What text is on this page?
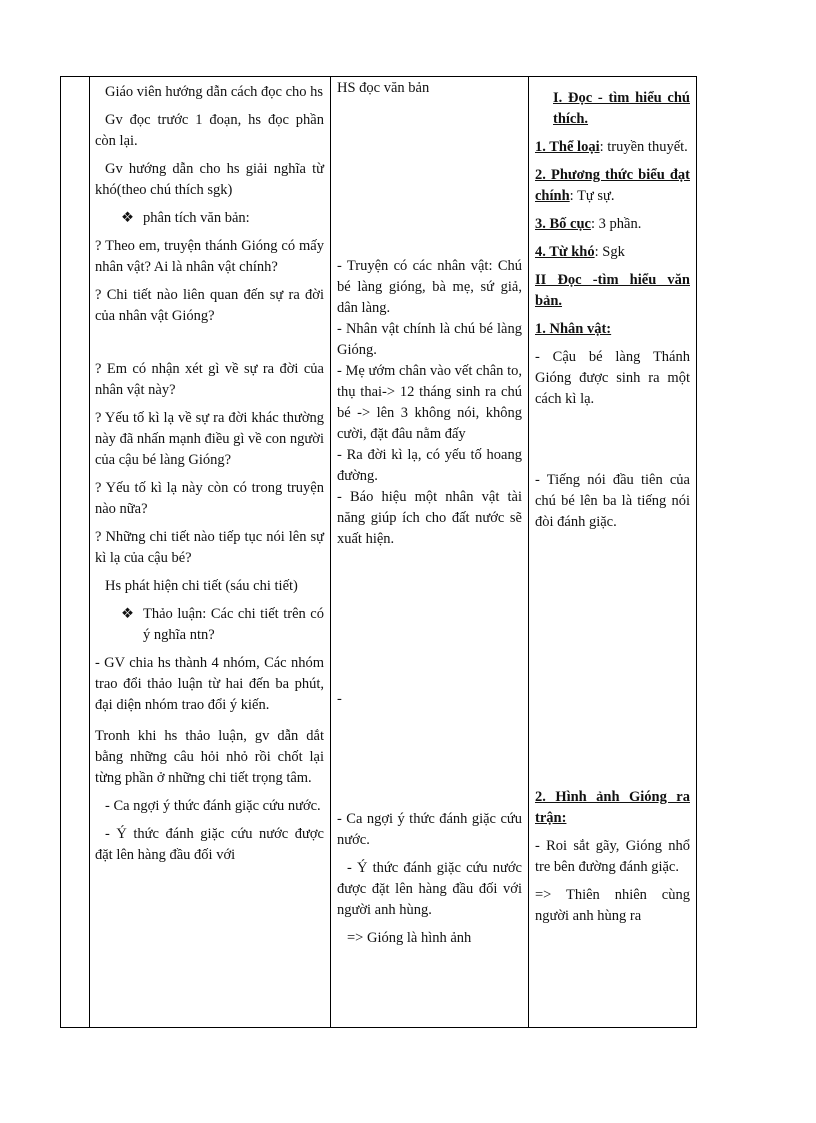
Giáo viên hướng dẫn cách đọc cho hs

Gv đọc trước 1 đoạn, hs đọc phần còn lại.

Gv hướng dẫn cho hs giải nghĩa từ khó(theo chú thích sgk)

❖ phân tích văn bản:

? Theo em, truyện thánh Gióng có mấy nhân vật? Ai là nhân vật chính?

? Chi tiết nào liên quan đến sự ra đời của nhân vật Gióng?

? Em có nhận xét gì về sự ra đời của nhân vật này?

? Yếu tố kì lạ về sự ra đời khác thường này đã nhấn mạnh điều gì về con người của cậu bé làng Gióng?

? Yếu tố kì lạ này còn có trong truyện nào nữa?

? Những chi tiết nào tiếp tục nói lên sự kì lạ của cậu bé?

Hs phát hiện chi tiết (sáu chi tiết)

❖ Thảo luận: Các chi tiết trên có ý nghĩa ntn?

- GV chia hs thành 4 nhóm, Các nhóm trao đổi thảo luận từ hai đến ba phút, đại diện nhóm trao đổi ý kiến.

Tronh khi hs thảo luận, gv dẫn dắt bằng những câu hỏi nhỏ rồi chốt lại từng phần ở những chi tiết trọng tâm.

- Ca ngợi ý thức đánh giặc cứu nước.

- Ý thức đánh giặc cứu nước được đặt lên hàng đầu đối với

HS đọc văn bản

- Truyện có các nhân vật: Chú bé làng gióng, bà mẹ, sứ giả, dân làng.

- Nhân vật chính là chú bé làng Gióng.

- Mẹ ướm chân vào vết chân to, thụ thai-> 12 tháng sinh ra chú bé -> lên 3 không nói, không cười, đặt đâu nằm đấy

- Ra đời kì lạ, có yếu tố hoang đường.

- Báo hiệu một nhân vật tài năng giúp ích cho đất nước sẽ xuất hiện.

-

- Ca ngợi ý thức đánh giặc cứu nước.

- Ý thức đánh giặc cứu nước được đặt lên hàng đầu đối với người anh hùng.

=> Gióng là hình ảnh

I. Đọc - tìm hiểu chú thích.

1. Thể loại: truyền thuyết.

2. Phương thức biểu đạt chính: Tự sự.

3. Bố cục: 3 phần.

4. Từ khó: Sgk

II Đọc -tìm hiểu văn bản.

1. Nhân vật:

- Cậu bé làng Thánh Gióng được sinh ra một cách kì lạ.

- Tiếng nói đầu tiên của chú bé lên ba là tiếng nói đòi đánh giặc.

2. Hình ảnh Gióng ra trận:

- Roi sắt gãy, Gióng nhổ tre bên đường đánh giặc.

=> Thiên nhiên cùng người anh hùng ra
